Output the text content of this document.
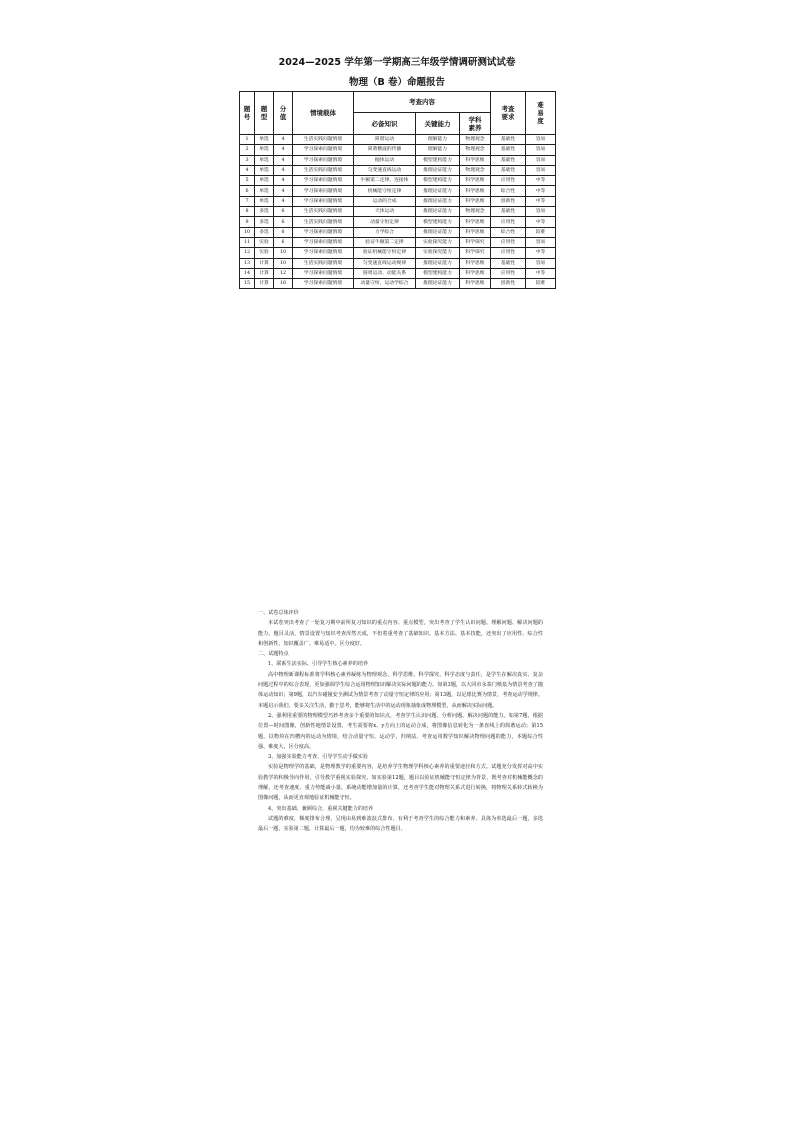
2024—2025 学年第一学期高三年级学情调研测试试卷
物理（B 卷）命题报告
题号	题型	分值	情境载体	考查内容			考查要求	难易度
				必备知识	关键能力	学科素养		
1	单选	4	生活实践问题情境	简谐运动	理解能力	物理观念	基础性	容易
2	单选	4	学习探索问题情境	简谐横波的传播	理解能力	物理观念	基础性	容易
3	单选	4	学习探索问题情境	抛体运动	模型建构能力	科学思维	基础性	容易
4	单选	4	生活实践问题情境	匀变速直线运动	推理论证能力	物理观念	基础性	容易
5	单选	4	学习探索问题情境	牛顿第二定律、连接体	模型建构能力	科学思维	应用性	中等
6	单选	4	学习探索问题情境	机械能守恒定律	推理论证能力	科学思维	综合性	中等
7	单选	4	学习探索问题情境	运动的合成	推理论证能力	科学思维	创新性	中等
8	多选	6	生活实践问题情境	天体运动	推理论证能力	物理观念	基础性	容易
9	多选	6	生活实践问题情境	动量守恒定律	模型建构能力	科学思维	应用性	中等
10	多选	6	学习探索问题情境	力学综合	推理论证能力	科学思维	综合性	较难
11	实验	6	学习探索问题情境	验证牛顿第二定律	实验探究能力	科学探究	应用性	容易
12	实验	10	学习探索问题情境	验证机械能守恒定律	实验探究能力	科学探究	应用性	中等
13	计算	10	生活实践问题情境	匀变速直线运动规律	推理论证能力	科学思维	基础性	容易
14	计算	12	学习探索问题情境	圆周运动、动能关系	模型建构能力	科学思维	应用性	中等
15	计算	16	学习探索问题情境	动量守恒、运动学综合	推理论证能力	科学思维	创新性	较难

一、试卷总体评价

本试卷突出考查了一轮复习期中前所复习知识的重点内容、重点模型，突出考查了学生认识问题、理解问题、解决问题的能力，题目灵活，情景设置与知识考查浑然天成，不但着重考查了基础知识、基本方法、基本技能，还突出了应用性、综合性和创新性，知识覆盖广、难易适中、区分度好。

二、试题特点

1、联系生活实际、引导学生核心素养的培养

高中物理新课程标准将学科核心素养凝练为物理观念、科学思维、科学探究、科学态度与责任，是学生在解决真实、复杂问题过程中的综合表现，更加强调学生综合运用物理知识解决实际问题的能力。如第3题，以大同市永泰门喷泉为情景考查了抛体运动知识；第9题，以汽车碰撞安全测试为情景考查了动量守恒定律的应用；第13题，以足球比赛为情景，考查运动学规律。本题启示我们，要多关注生活，勤于思考，能够将生活中的运动现象抽象成物理模型，从而解决实际问题。

2、强利用重要的物理模型巧妙考查多个重要的知识点，考查学生认识问题、分析问题、解决问题的能力。如第7题，根据位置—时间图像，创新性地情景设置，考生需要将x、y方向上的运动合成，将图像信息转化为一条直线上的简谐运动；第15题，以物块在凹槽内的运动为情境，结合动量守恒、运动学、归纳法，考查运用数学知识解决物理问题的能力，本题综合性强、难度大、区分度高。

3、加强实验能力考查、引导学生动手做实验

实验是物理学的基础，是物理教学的重要内容，是培养学生物理学科核心素养的重要途径和方式。试题充分发挥对高中实验教学的积极导向作用，引导教学重视实验探究。如实验第12题，题目以验证机械能守恒定律为背景，既考查对机械能概念的理解，还考查速度、重力势能减小量、系统动能增加量的计算，还考查学生能对物理关系式进行转换，将物理关系转式转换为图像问题，从而更直观地验证机械能守恒。

4、突出基础、兼顾综合，重视关键能力的培养

试题的难度，梯度排布合理，呈现由易到难波浪式排布，有利于考查学生的综合能力和素养。具体为单选最后一题，多选最后一题，实验第二题，计算最后一题，均为较难的综合性题目。
